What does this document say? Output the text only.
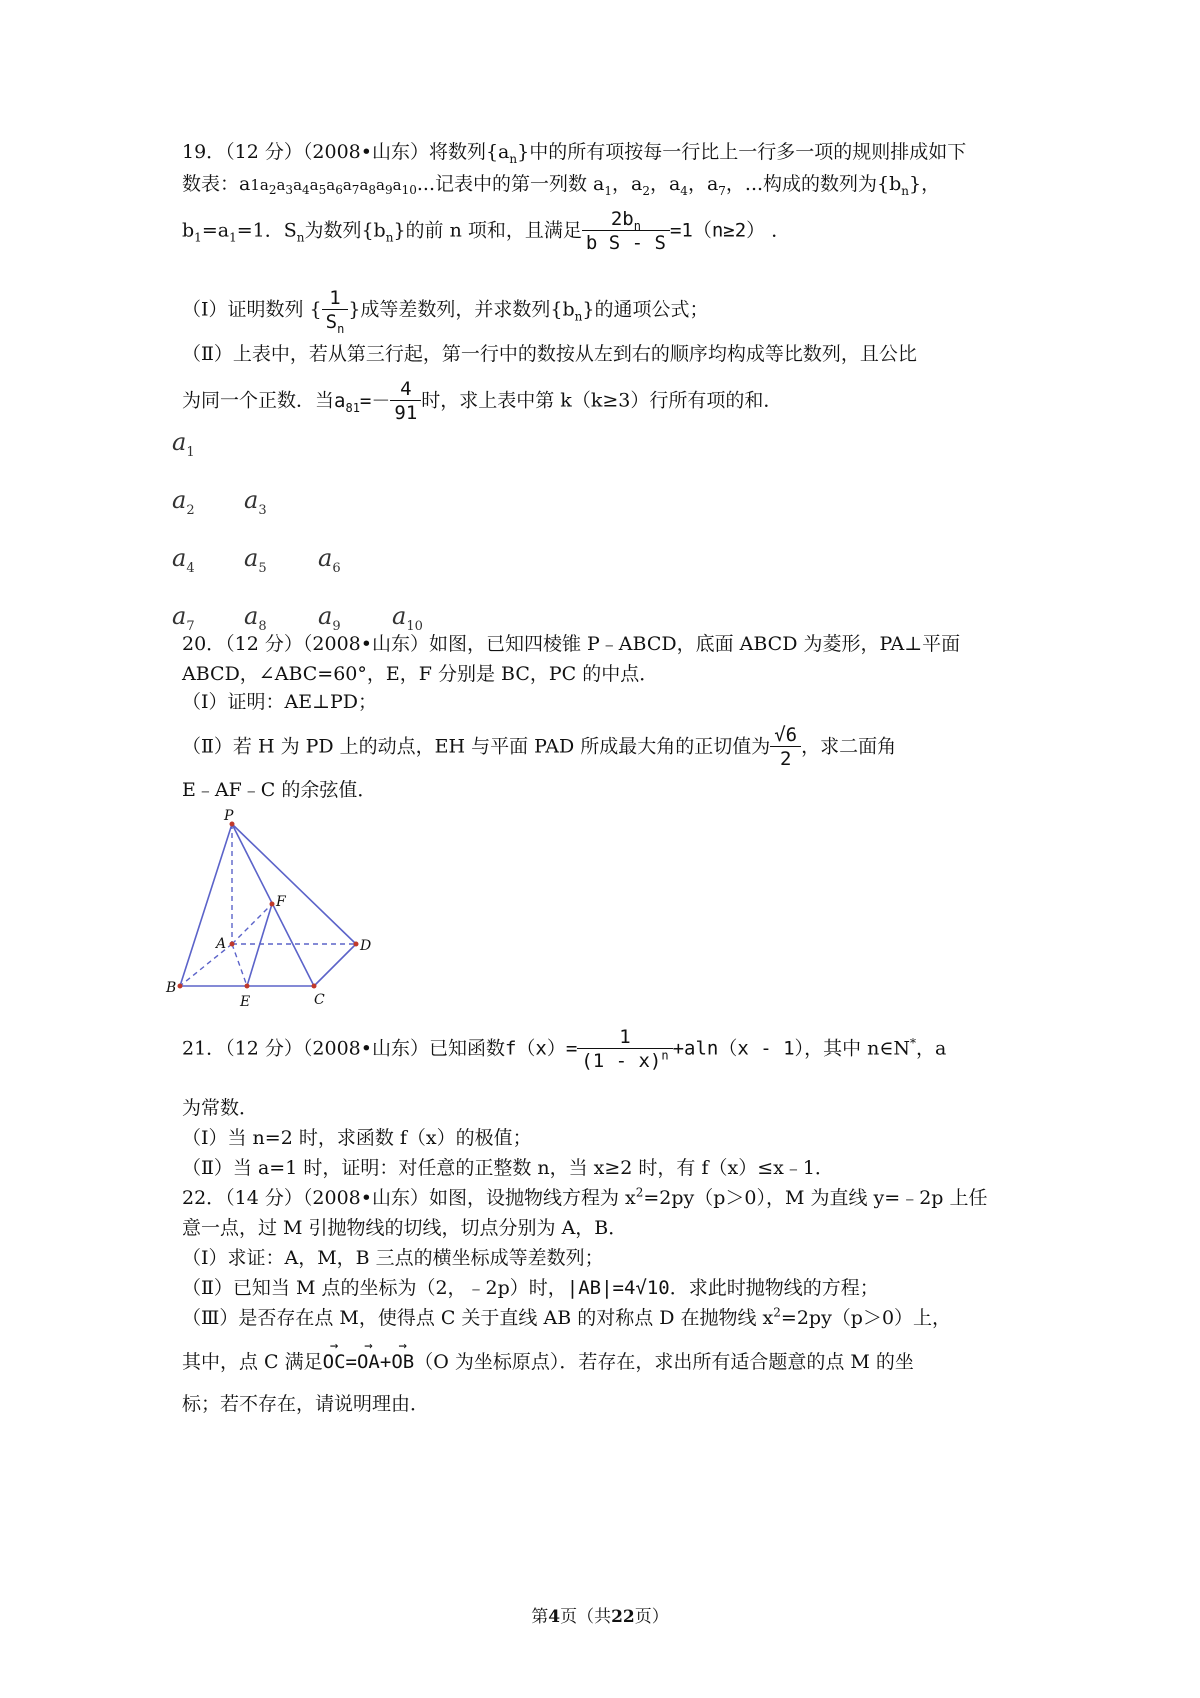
19．（12 分）（2008•山东）将数列$\{a_n\}$中的所有项按每一行比上一行多一项的规则排成如下
数表：$a1a_2a_3a_4a_5a_6a_7a_8a_9a_{10}$...记表中的第一列数 $a_1$，$a_2$，$a_4$，$a_7$，...构成的数列为$\{b_n\}$，
$b_1=a_1=1$．$S_n$为数列$\{b_n\}$的前 n 项和，且满足 $\frac{2b_n}{\text{b S - S}} =1(n\ge 2)$ ．
（Ⅰ）证明数列 { $\frac{1}{S_n}$ }成等差数列，并求数列$\{b_n\}$的通项公式；
（Ⅱ）上表中，若从第三行起，第一行中的数按从左到右的顺序均构成等比数列，且公比
为同一个正数．当$a_{81}=- \frac{4}{91}$ 时，求上表中第 k（k≥3）行所有项的和．
$a_1$
$a_2$ $a_3$
$a_4$ $a_5$ $a_6$
$a_7$ $a_8$ $a_9$ $a_{10}$
20．（12 分）（2008•山东）如图，已知四棱锥 P﹣ABCD，底面 ABCD 为菱形，PA⊥平面
ABCD，∠ABC=60°，E，F 分别是 BC，PC 的中点．
（Ⅰ）证明：AE⊥PD；
（Ⅱ）若 H 为 PD 上的动点，EH 与平面 PAD 所成最大角的正切值为 $\frac{√6}{2}$ ，求二面角
E﹣AF﹣C 的余弦值．
P
A
B
C
D
E
F
21．（12 分）（2008•山东）已知函数$f(x)= \frac{1}{(1 - x)^n} +aln(x - 1)$，其中 n∈N*，a
为常数．
（Ⅰ）当 n=2 时，求函数 f（x）的极值；
（Ⅱ）当 a=1 时，证明：对任意的正整数 n，当 x≥2 时，有 f（x）≤x﹣1．
22．（14 分）（2008•山东）如图，设抛物线方程为 $x^2=2py(p>0)$，M 为直线 y=﹣2p 上任
意一点，过 M 引抛物线的切线，切点分别为 A，B．
（Ⅰ）求证：A，M，B 三点的横坐标成等差数列；
（Ⅱ）已知当 M 点的坐标为（2，﹣2p）时，|AB|=4√10．求此时抛物线的方程；
（Ⅲ）是否存在点 M，使得点 C 关于直线 AB 的对称点 D 在抛物线 $x^2=2py(p>0)$上，
其中，点 C 满足→ OC=→ OA+→ OB（O 为坐标原点）．若存在，求出所有适合题意的点 M 的坐
标；若不存在，请说明理由．
第4页（共22页）
